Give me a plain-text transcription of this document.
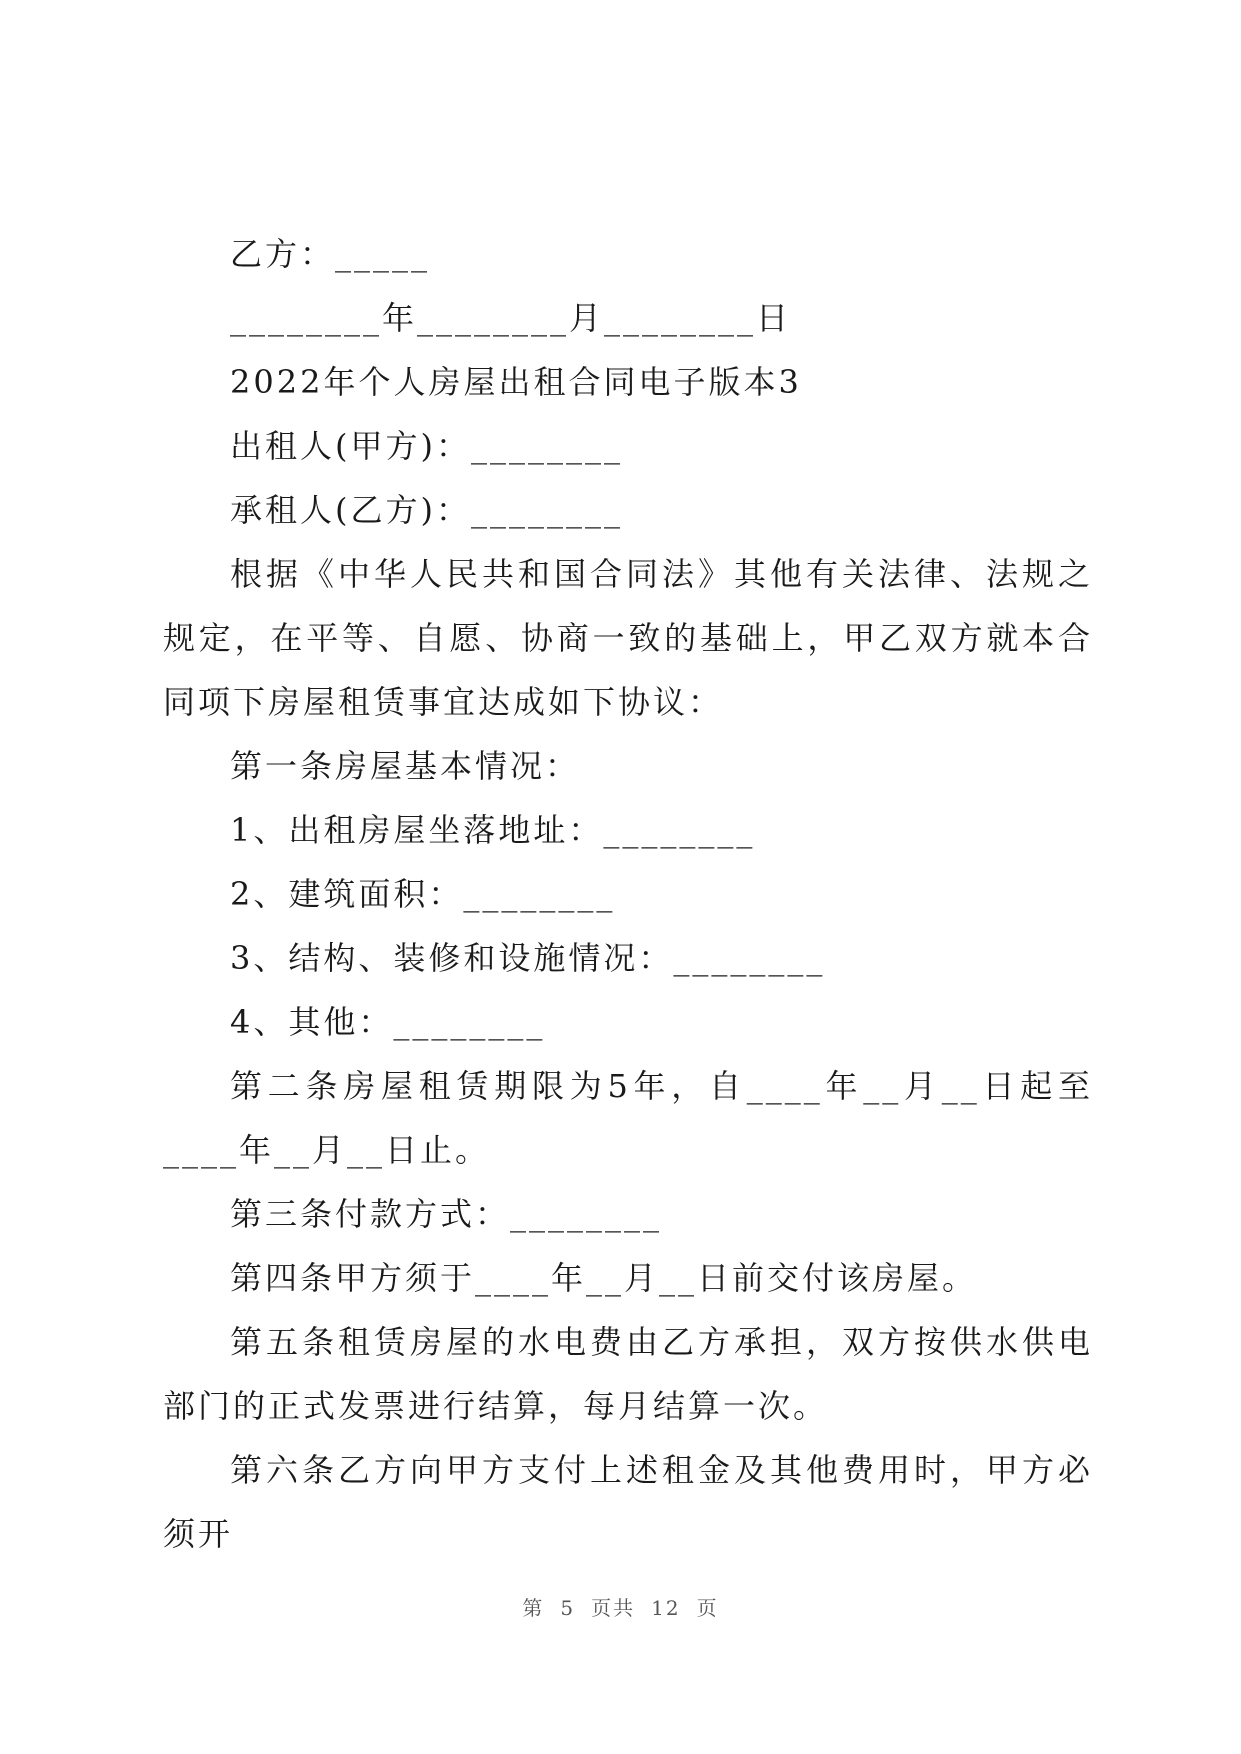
乙方：_____

________年________月________日

2022年个人房屋出租合同电子版本3

出租人(甲方)：________

承租人(乙方)：________

根据《中华人民共和国合同法》其他有关法律、法规之规定，在平等、自愿、协商一致的基础上，甲乙双方就本合同项下房屋租赁事宜达成如下协议：

第一条房屋基本情况：

1、出租房屋坐落地址：________

2、建筑面积：________

3、结构、装修和设施情况：________

4、其他：________

第二条房屋租赁期限为5年，自____年__月__日起至____年__月__日止。

第三条付款方式：________

第四条甲方须于____年__月__日前交付该房屋。

第五条租赁房屋的水电费由乙方承担，双方按供水供电部门的正式发票进行结算，每月结算一次。

第六条乙方向甲方支付上述租金及其他费用时，甲方必须开

第 5 页共 12 页
